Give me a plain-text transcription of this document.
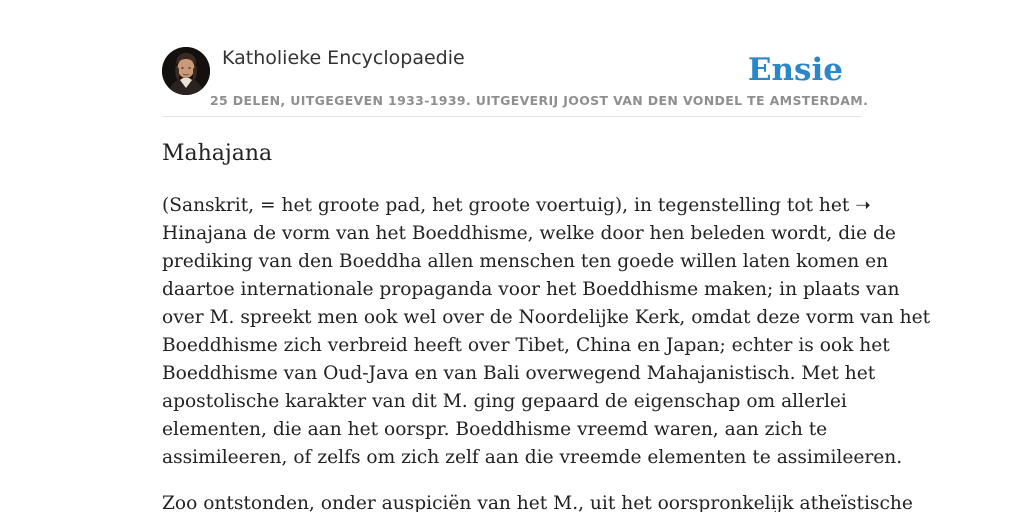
Katholieke Encyclopaedie
25 DELEN, UITGEGEVEN 1933-1939. UITGEVERIJ JOOST VAN DEN VONDEL TE AMSTERDAM.
Ensie
Mahajana

(Sanskrit, = het groote pad, het groote voertuig), in tegenstelling tot het ➝
Hinajana de vorm van het Boeddhisme, welke door hen beleden wordt, die de
prediking van den Boeddha allen menschen ten goede willen laten komen en
daartoe internationale propaganda voor het Boeddhisme maken; in plaats van
over M. spreekt men ook wel over de Noordelijke Kerk, omdat deze vorm van het
Boeddhisme zich verbreid heeft over Tibet, China en Japan; echter is ook het
Boeddhisme van Oud-Java en van Bali overwegend Mahajanistisch. Met het
apostolische karakter van dit M. ging gepaard de eigenschap om allerlei
elementen, die aan het oorspr. Boeddhisme vreemd waren, aan zich te
assimileeren, of zelfs om zich zelf aan die vreemde elementen te assimileeren.

Zoo ontstonden, onder auspiciën van het M., uit het oorspronkelijk atheïstische
